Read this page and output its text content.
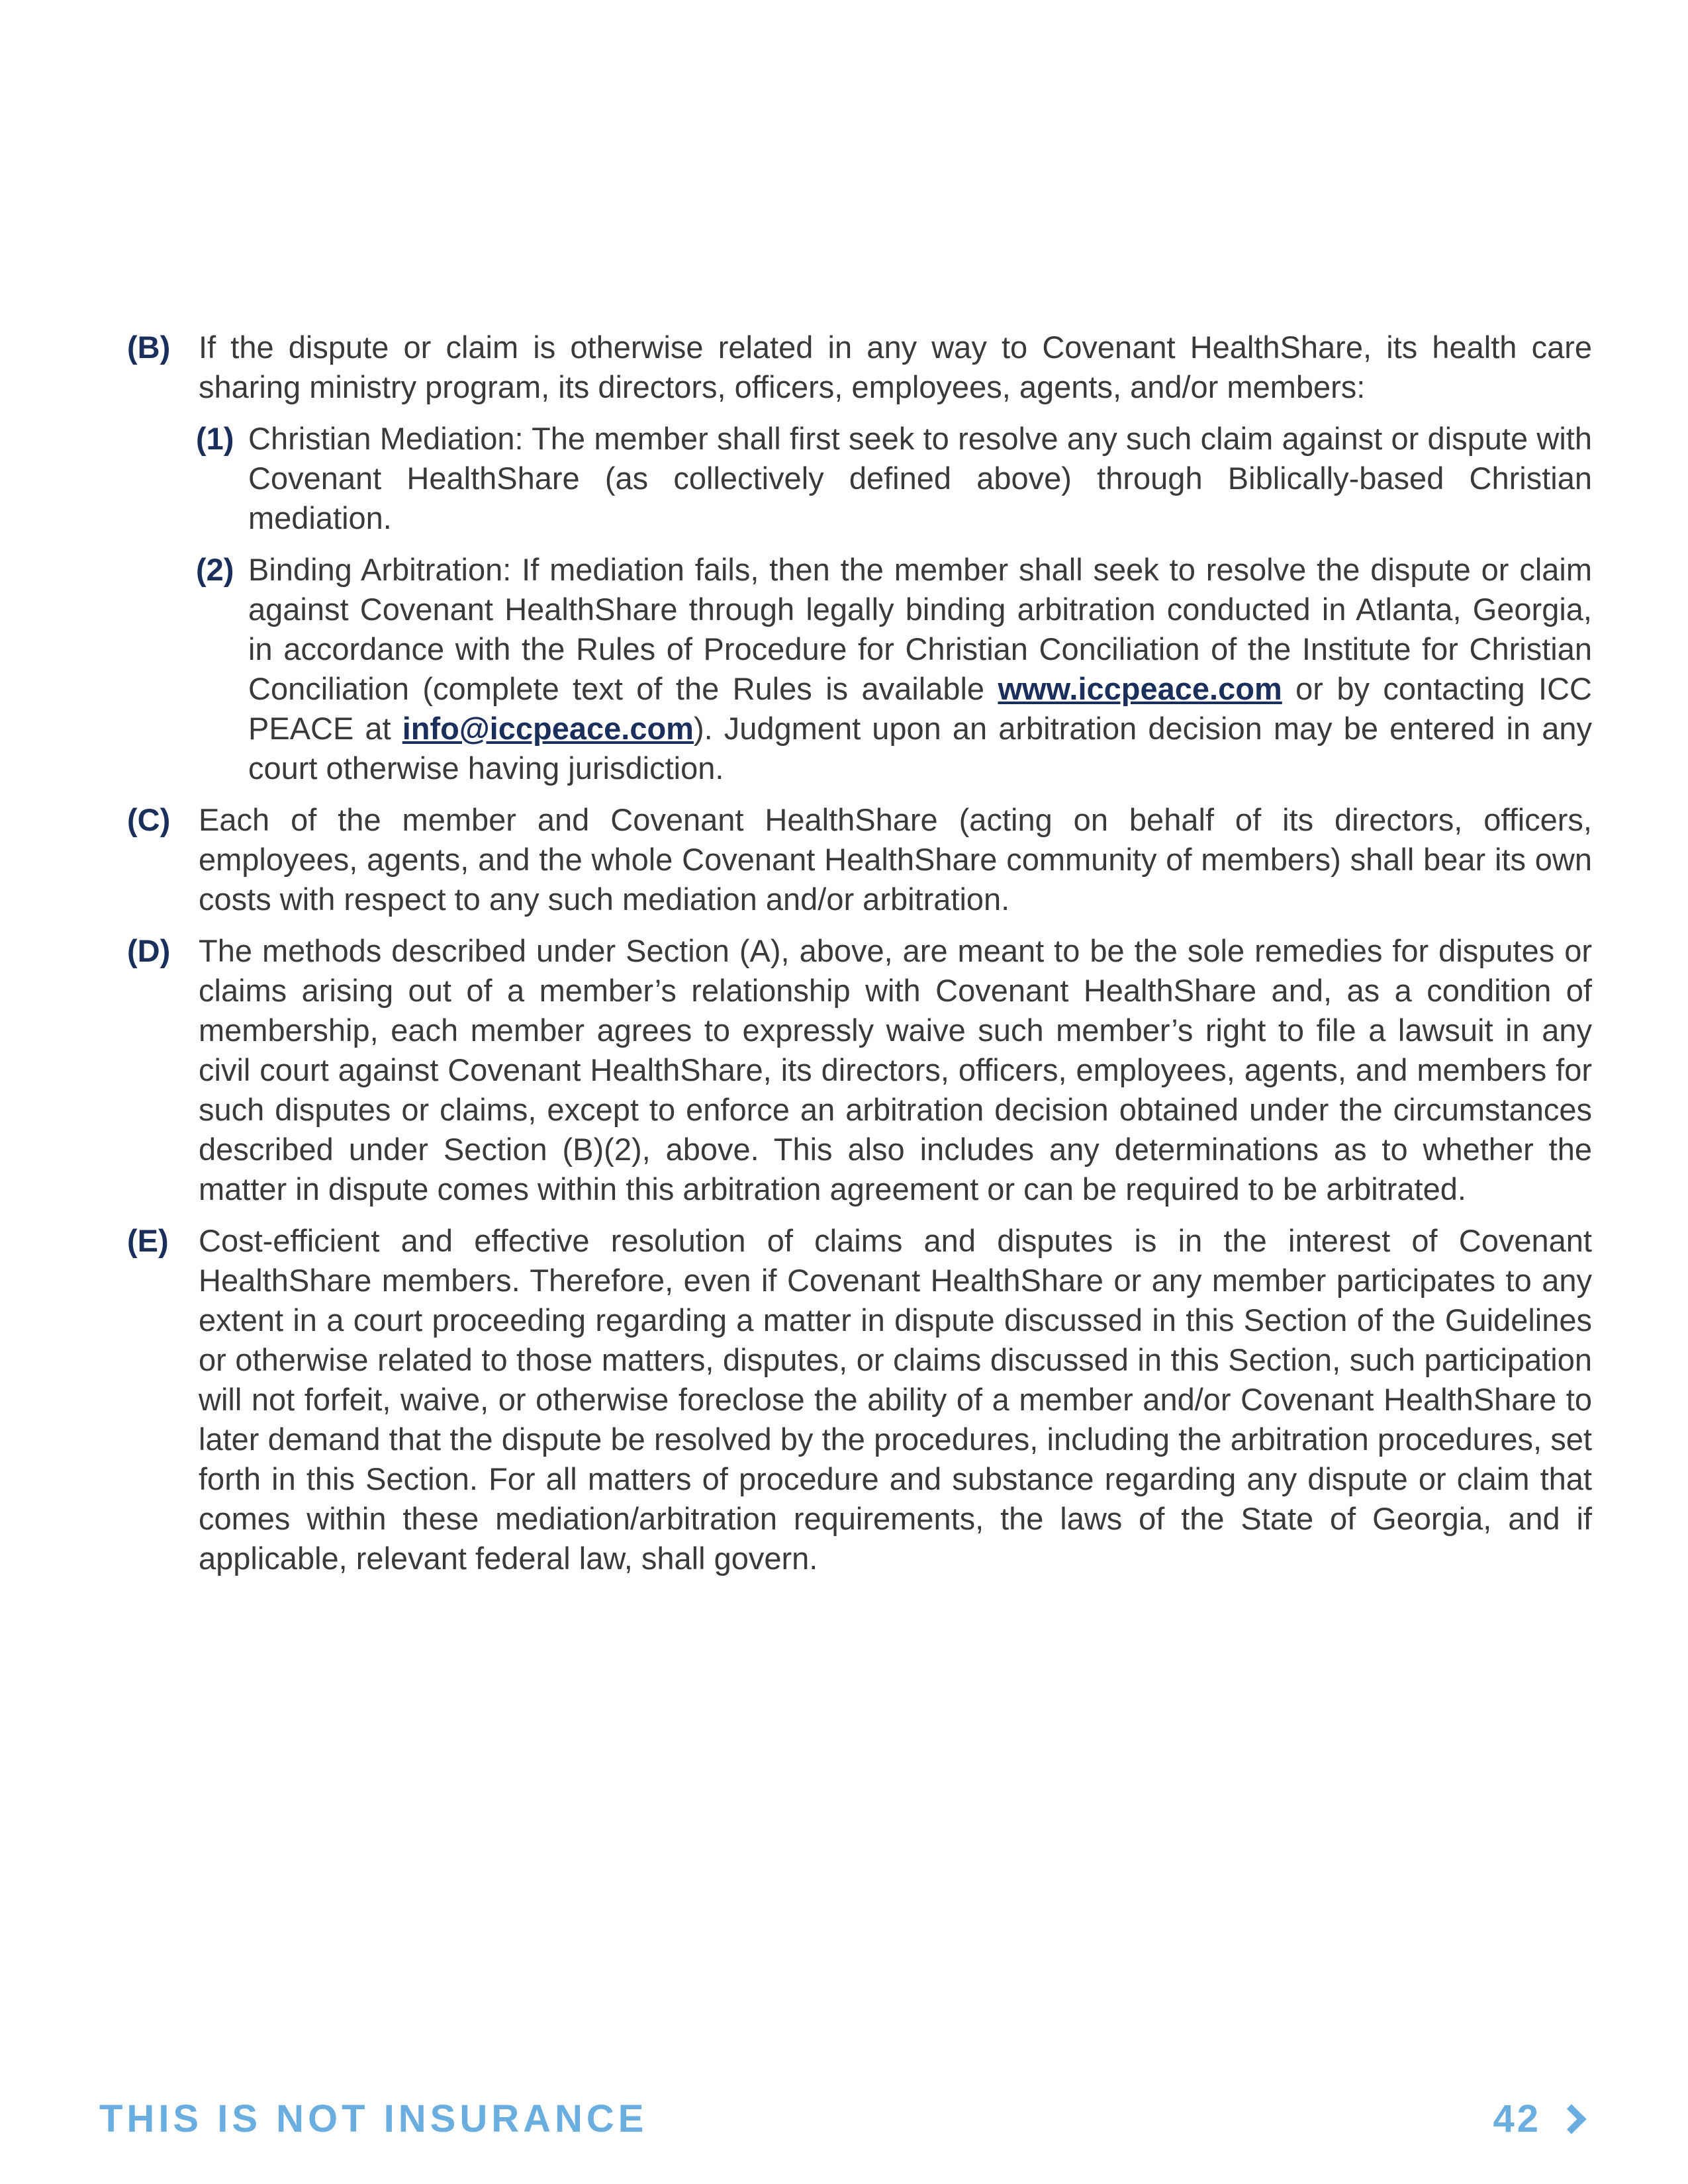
(B) If the dispute or claim is otherwise related in any way to Covenant HealthShare, its health care sharing ministry program, its directors, officers, employees, agents, and/or members:

(1) Christian Mediation: The member shall first seek to resolve any such claim against or dispute with Covenant HealthShare (as collectively defined above) through Biblically-based Christian mediation.

(2) Binding Arbitration: If mediation fails, then the member shall seek to resolve the dispute or claim against Covenant HealthShare through legally binding arbitration conducted in Atlanta, Georgia, in accordance with the Rules of Procedure for Christian Conciliation of the Institute for Christian Conciliation (complete text of the Rules is available www.iccpeace.com or by contacting ICC PEACE at info@iccpeace.com). Judgment upon an arbitration decision may be entered in any court otherwise having jurisdiction.

(C) Each of the member and Covenant HealthShare (acting on behalf of its directors, officers, employees, agents, and the whole Covenant HealthShare community of members) shall bear its own costs with respect to any such mediation and/or arbitration.

(D) The methods described under Section (A), above, are meant to be the sole remedies for disputes or claims arising out of a member’s relationship with Covenant HealthShare and, as a condition of membership, each member agrees to expressly waive such member’s right to file a lawsuit in any civil court against Covenant HealthShare, its directors, officers, employees, agents, and members for such disputes or claims, except to enforce an arbitration decision obtained under the circumstances described under Section (B)(2), above. This also includes any determinations as to whether the matter in dispute comes within this arbitration agreement or can be required to be arbitrated.

(E) Cost-efficient and effective resolution of claims and disputes is in the interest of Covenant HealthShare members. Therefore, even if Covenant HealthShare or any member participates to any extent in a court proceeding regarding a matter in dispute discussed in this Section of the Guidelines or otherwise related to those matters, disputes, or claims discussed in this Section, such participation will not forfeit, waive, or otherwise foreclose the ability of a member and/or Covenant HealthShare to later demand that the dispute be resolved by the procedures, including the arbitration procedures, set forth in this Section. For all matters of procedure and substance regarding any dispute or claim that comes within these mediation/arbitration requirements, the laws of the State of Georgia, and if applicable, relevant federal law, shall govern.

THIS IS NOT INSURANCE	42
